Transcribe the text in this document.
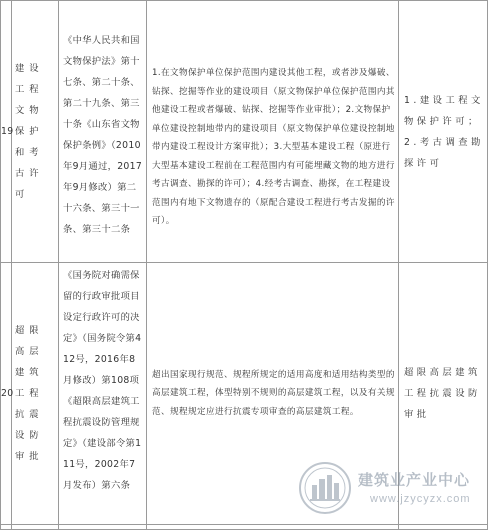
19	建设工程文物保护和考古许可	《中华人民共和国文物保护法》第十七条、第二十条、第二十九条、第三十条《山东省文物保护条例》（2010年9月通过，2017年9月修改）第二十六条、第三十一条、第三十二条	1.在文物保护单位保护范围内建设其他工程，或者涉及爆破、钻探、挖掘等作业的建设项目（原文物保护单位保护范围内其他建设工程或者爆破、钻探、挖掘等作业审批）；2.文物保护单位建设控制地带内的建设项目（原文物保护单位建设控制地带内建设工程设计方案审批）；3.大型基本建设工程（原进行大型基本建设工程前在工程范围内有可能埋藏文物的地方进行考古调查、勘探的许可）；4.经考古调查、勘探，在工程建设范围内有地下文物遗存的（原配合建设工程进行考古发掘的许可）。	1.建设工程文物保护许可；2.考古调查勘探许可

20	超限高层建筑工程抗震设防审批	《国务院对确需保留的行政审批项目设定行政许可的决定》（国务院令第412号，2016年8月修改）第108项《超限高层建筑工程抗震设防管理规定》（建设部令第111号，2002年7月发布）第六条	超出国家现行规范、规程所规定的适用高度和适用结构类型的高层建筑工程，体型特别不规则的高层建筑工程，以及有关规范、规程规定应进行抗震专项审查的高层建筑工程。	超限高层建筑工程抗震设防审批

建筑业产业中心
www.jzycyzx.com
